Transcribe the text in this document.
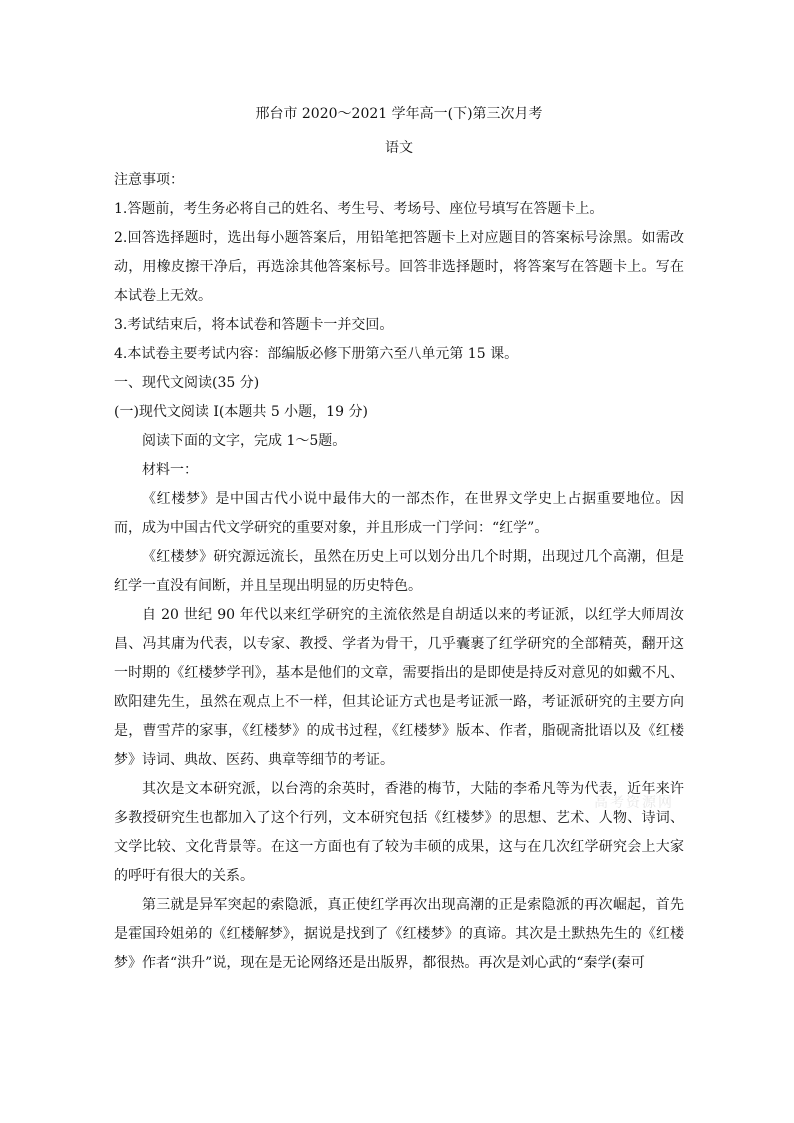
邢台市 2020～2021 学年高一(下)第三次月考

语文

注意事项：

1.答题前，考生务必将自己的姓名、考生号、考场号、座位号填写在答题卡上。

2.回答选择题时，选出每小题答案后，用铅笔把答题卡上对应题目的答案标号涂黑。如需改动，用橡皮擦干净后，再选涂其他答案标号。回答非选择题时，将答案写在答题卡上。写在本试卷上无效。

3.考试结束后，将本试卷和答题卡一并交回。

4.本试卷主要考试内容：部编版必修下册第六至八单元第 15 课。

一、现代文阅读(35 分)

(一)现代文阅读 I(本题共 5 小题，19 分)

阅读下面的文字，完成 1～5题。

材料一：

《红楼梦》是中国古代小说中最伟大的一部杰作，在世界文学史上占据重要地位。因而，成为中国古代文学研究的重要对象，并且形成一门学问：“红学”。

《红楼梦》研究源远流长，虽然在历史上可以划分出几个时期，出现过几个高潮，但是红学一直没有间断，并且呈现出明显的历史特色。

自 20 世纪 90 年代以来红学研究的主流依然是自胡适以来的考证派，以红学大师周汝昌、冯其庸为代表，以专家、教授、学者为骨干，几乎囊裹了红学研究的全部精英，翻开这一时期的《红楼梦学刊》，基本是他们的文章，需要指出的是即使是持反对意见的如戴不凡、欧阳建先生，虽然在观点上不一样，但其论证方式也是考证派一路，考证派研究的主要方向是，曹雪芹的家事，《红楼梦》的成书过程，《红楼梦》版本、作者，脂砚斋批语以及《红楼梦》诗词、典故、医药、典章等细节的考证。

其次是文本研究派，以台湾的余英时，香港的梅节，大陆的李希凡等为代表，近年来许多教授研究生也都加入了这个行列，文本研究包括《红楼梦》的思想、艺术、人物、诗词、文学比较、文化背景等。在这一方面也有了较为丰硕的成果，这与在几次红学研究会上大家的呼吁有很大的关系。

第三就是异军突起的索隐派，真正使红学再次出现高潮的正是索隐派的再次崛起，首先是霍国玲姐弟的《红楼解梦》，据说是找到了《红楼梦》的真谛。其次是土默热先生的《红楼梦》作者“洪升”说，现在是无论网络还是出版界，都很热。再次是刘心武的“秦学(秦可

高考资源网
